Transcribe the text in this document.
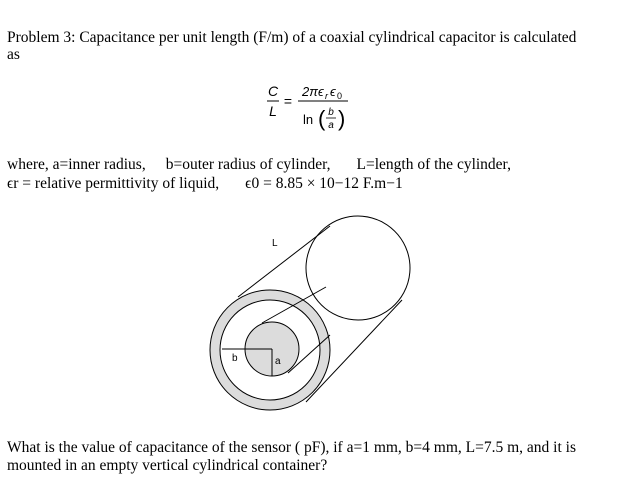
Problem 3: Capacitance per unit length (F/m) of a coaxial cylindrical capacitor is calculated
as
C
L
=
2πϵ r ϵ 0
ln ( b
a )
where, a=inner radius, b=outer radius of cylinder, L=length of the cylinder,
ϵr = relative permittivity of liquid, ϵ0 = 8.85 × 10−12 F.m−1
L
b	a
What is the value of capacitance of the sensor ( pF), if a=1 mm, b=4 mm, L=7.5 m, and it is
mounted in an empty vertical cylindrical container?
